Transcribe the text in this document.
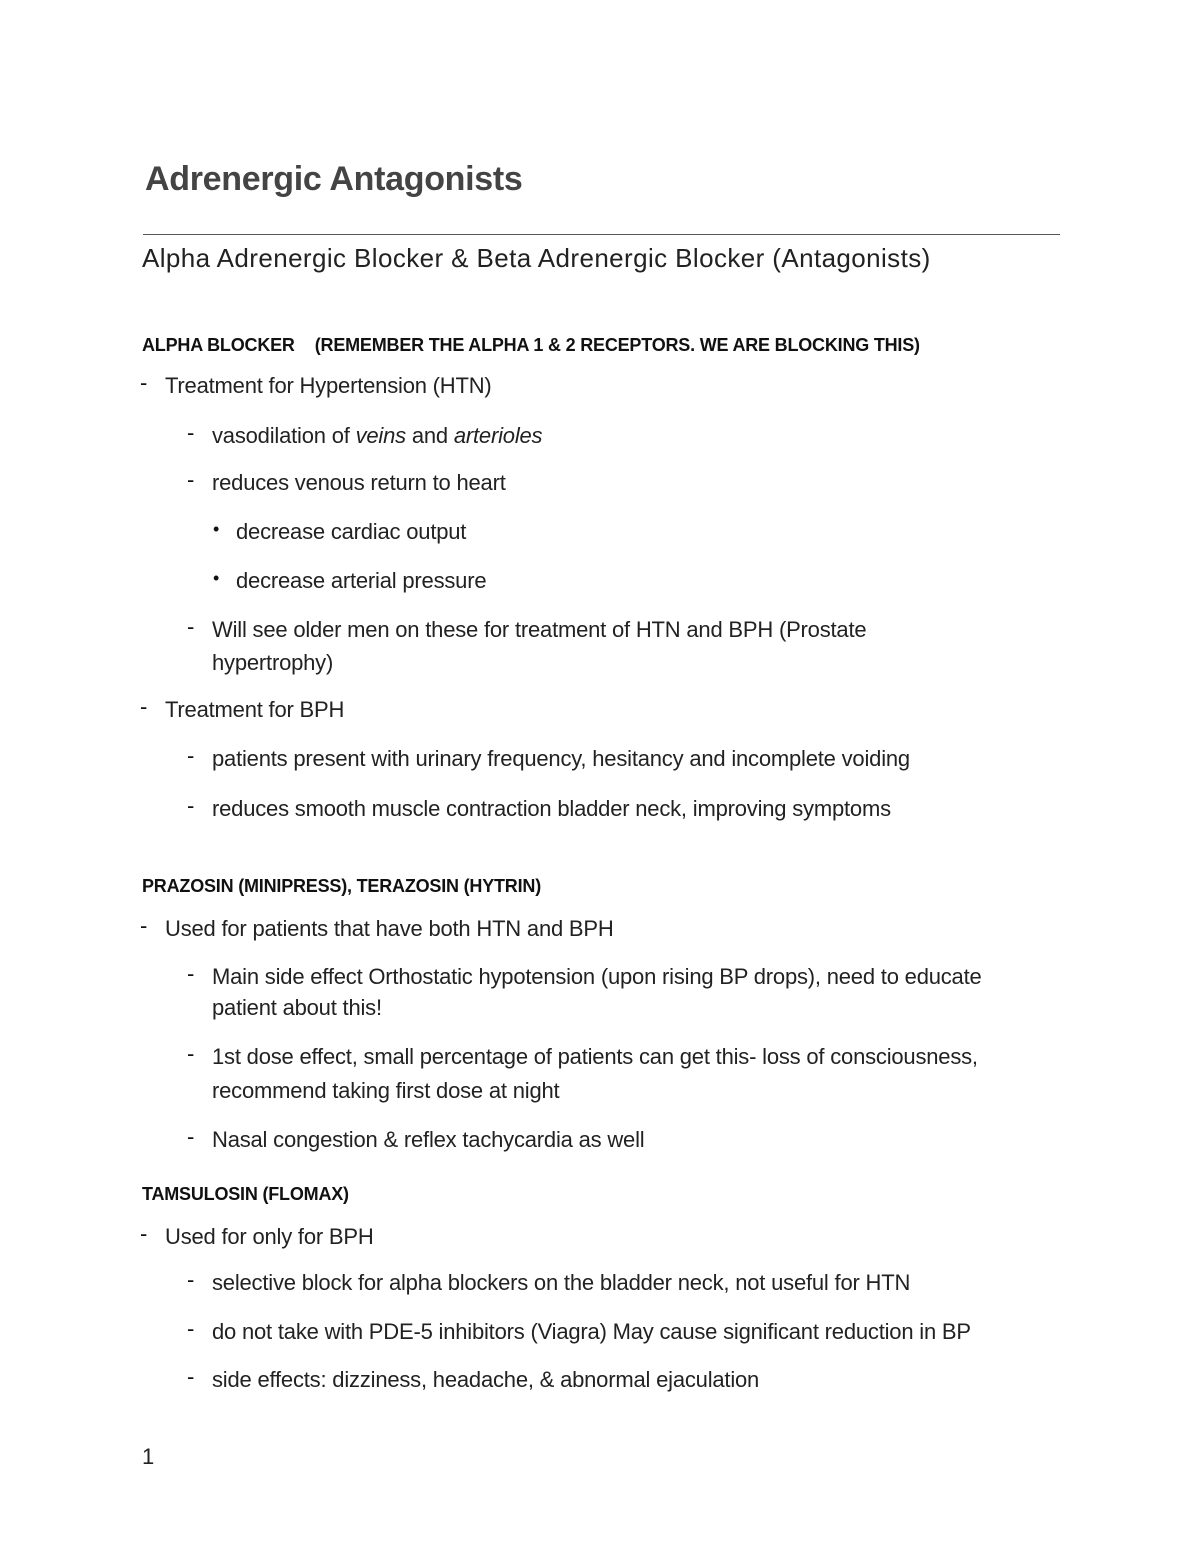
Adrenergic Antagonists
Alpha Adrenergic Blocker & Beta Adrenergic Blocker (Antagonists)
ALPHA BLOCKER (REMEMBER THE ALPHA 1 & 2 RECEPTORS. WE ARE BLOCKING THIS)
- Treatment for Hypertension (HTN)
- vasodilation of veins and arterioles
- reduces venous return to heart
• decrease cardiac output
• decrease arterial pressure
- Will see older men on these for treatment of HTN and BPH (Prostate
hypertrophy)
- Treatment for BPH
- patients present with urinary frequency, hesitancy and incomplete voiding
- reduces smooth muscle contraction bladder neck, improving symptoms
PRAZOSIN (MINIPRESS), TERAZOSIN (HYTRIN)
- Used for patients that have both HTN and BPH
- Main side effect Orthostatic hypotension (upon rising BP drops), need to educate
patient about this!
- 1st dose effect, small percentage of patients can get this- loss of consciousness,
recommend taking first dose at night
- Nasal congestion & reflex tachycardia as well
TAMSULOSIN (FLOMAX)
- Used for only for BPH
- selective block for alpha blockers on the bladder neck, not useful for HTN
- do not take with PDE-5 inhibitors (Viagra) May cause significant reduction in BP
- side effects: dizziness, headache, & abnormal ejaculation
1
